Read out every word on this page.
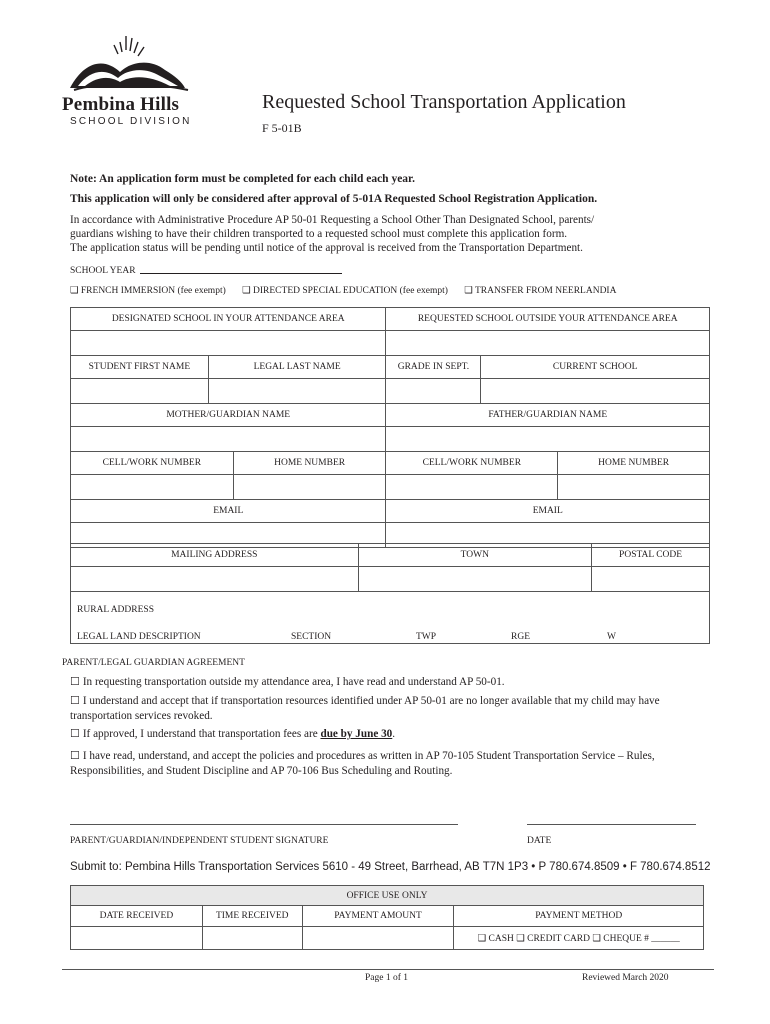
Pembina Hills
SCHOOL DIVISION
Requested School Transportation Application
F 5-01B
Note: An application form must be completed for each child each year.
This application will only be considered after approval of 5-01A Requested School Registration Application.
In accordance with Administrative Procedure AP 50-01 Requesting a School Other Than Designated School, parents/
guardians wishing to have their children transported to a requested school must complete this application form.
The application status will be pending until notice of the approval is received from the Transportation Department.
SCHOOL YEAR
❑ FRENCH IMMERSION (fee exempt) ❑ DIRECTED SPECIAL EDUCATION (fee exempt) ❑ TRANSFER FROM NEERLANDIA
DESIGNATED SCHOOL IN YOUR ATTENDANCE AREA			REQUESTED SCHOOL OUTSIDE YOUR ATTENDANCE AREA		

STUDENT FIRST NAME	LEGAL LAST NAME		GRADE IN SEPT.	CURRENT SCHOOL	

MOTHER/GUARDIAN NAME			FATHER/GUARDIAN NAME		

CELL/WORK NUMBER		HOME NUMBER	CELL/WORK NUMBER		HOME NUMBER

EMAIL			EMAIL		

MAILING ADDRESS	TOWN	POSTAL CODE

RURAL ADDRESS
LEGAL LAND DESCRIPTION	SECTION	TWP	RGE	W
PARENT/LEGAL GUARDIAN AGREEMENT
☐ In requesting transportation outside my attendance area, I have read and understand AP 50-01.
☐ I understand and accept that if transportation resources identified under AP 50-01 are no longer available that my child may have transportation services revoked.
☐ If approved, I understand that transportation fees are due by June 30.
☐ I have read, understand, and accept the policies and procedures as written in AP 70-105 Student Transportation Service – Rules, Responsibilities, and Student Discipline and AP 70-106 Bus Scheduling and Routing.
PARENT/GUARDIAN/INDEPENDENT STUDENT SIGNATURE	DATE
Submit to: Pembina Hills Transportation Services 5610 - 49 Street, Barrhead, AB T7N 1P3 • P 780.674.8509 • F 780.674.8512
OFFICE USE ONLY			
DATE RECEIVED	TIME RECEIVED	PAYMENT AMOUNT	PAYMENT METHOD
			❑ CASH ❑ CREDIT CARD ❑ CHEQUE # ______
Page 1 of 1	Reviewed March 2020
